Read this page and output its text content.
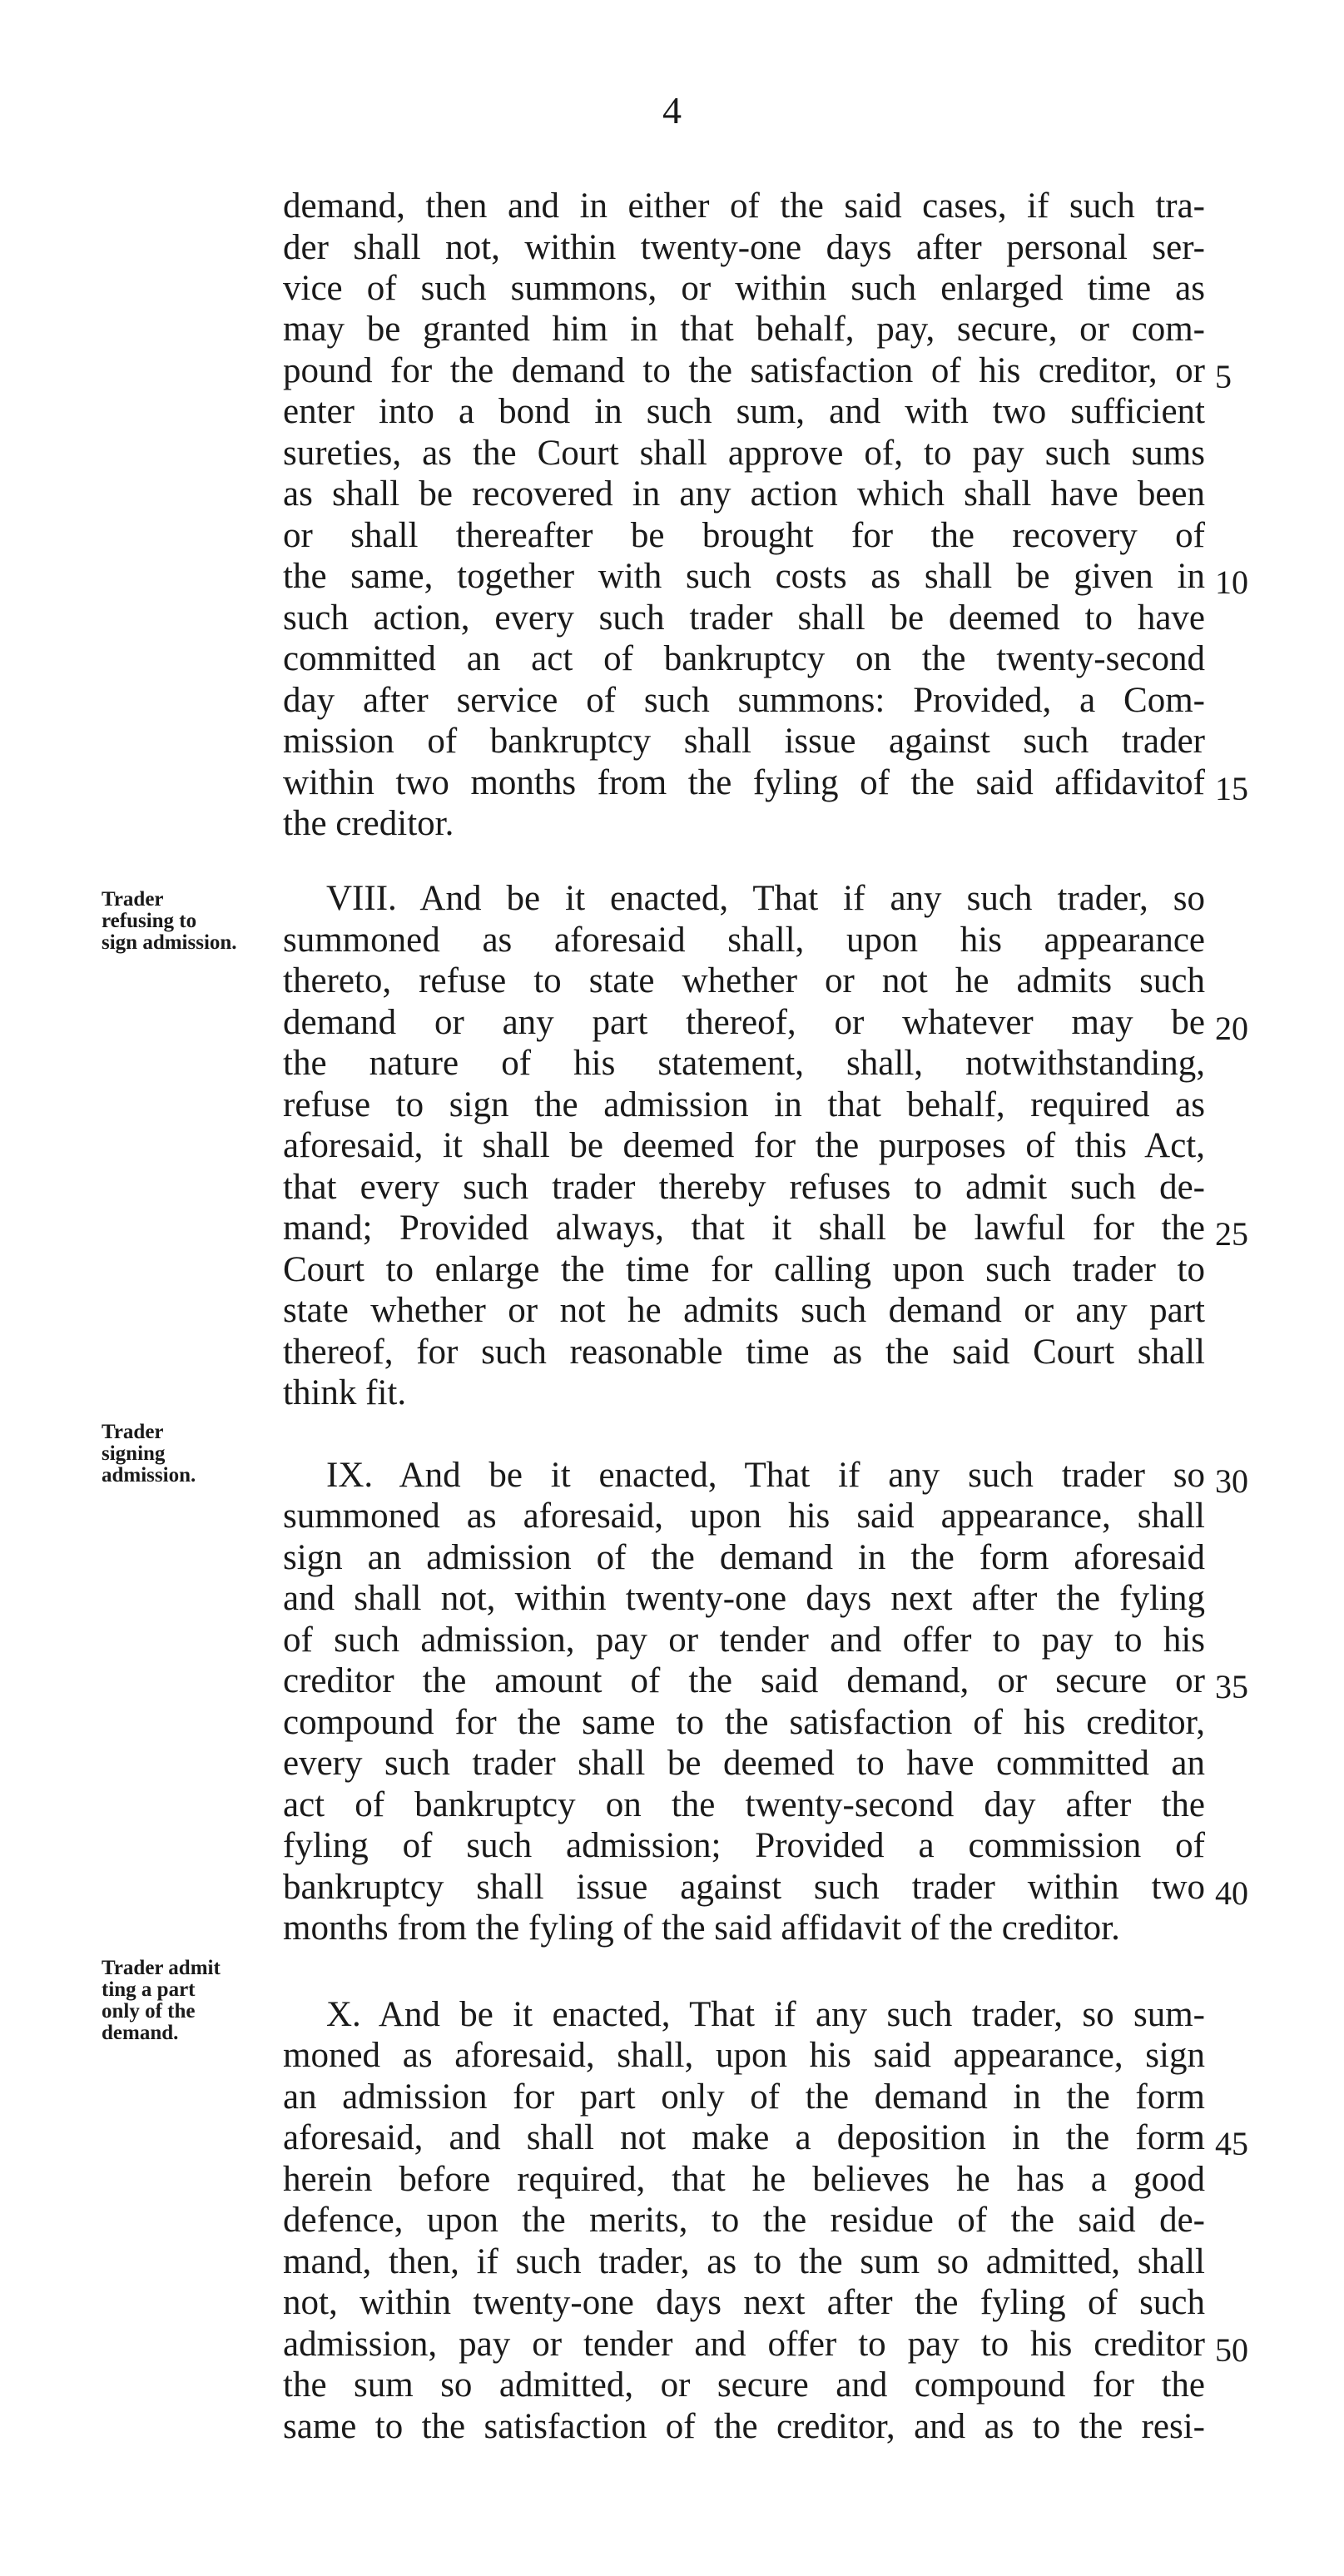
4
demand, then and in either of the said cases, if such tra-
der shall not, within twenty-one days after personal ser-
vice of such summons, or within such enlarged time as
may be granted him in that behalf, pay, secure, or com-
pound for the demand to the satisfaction of his creditor, or
enter into a bond in such sum, and with two sufficient
sureties, as the Court shall approve of, to pay such sums
as shall be recovered in any action which shall have been
or shall thereafter be brought for the recovery of
the same, together with such costs as shall be given in
such action, every such trader shall be deemed to have
committed an act of bankruptcy on the twenty-second
day after service of such summons: Provided, a Com-
mission of bankruptcy shall issue against such trader
within two months from the fyling of the said affidavitof
the creditor.
VIII. And be it enacted, That if any such trader, so
summoned as aforesaid shall, upon his appearance
thereto, refuse to state whether or not he admits such
demand or any part thereof, or whatever may be
the nature of his statement, shall, notwithstanding,
refuse to sign the admission in that behalf, required as
aforesaid, it shall be deemed for the purposes of this Act,
that every such trader thereby refuses to admit such de-
mand; Provided always, that it shall be lawful for the
Court to enlarge the time for calling upon such trader to
state whether or not he admits such demand or any part
thereof, for such reasonable time as the said Court shall
think fit.
IX. And be it enacted, That if any such trader so
summoned as aforesaid, upon his said appearance, shall
sign an admission of the demand in the form aforesaid
and shall not, within twenty-one days next after the fyling
of such admission, pay or tender and offer to pay to his
creditor the amount of the said demand, or secure or
compound for the same to the satisfaction of his creditor,
every such trader shall be deemed to have committed an
act of bankruptcy on the twenty-second day after the
fyling of such admission; Provided a commission of
bankruptcy shall issue against such trader within two
months from the fyling of the said affidavit of the creditor.
X. And be it enacted, That if any such trader, so sum-
moned as aforesaid, shall, upon his said appearance, sign
an admission for part only of the demand in the form
aforesaid, and shall not make a deposition in the form
herein before required, that he believes he has a good
defence, upon the merits, to the residue of the said de-
mand, then, if such trader, as to the sum so admitted, shall
not, within twenty-one days next after the fyling of such
admission, pay or tender and offer to pay to his creditor
the sum so admitted, or secure and compound for the
same to the satisfaction of the creditor, and as to the resi-
5
10
15
20
25
30
35
40
45
50
Trader
refusing to
sign admission.
Trader
signing
admission.
Trader admit
ting a part
only of the
demand.
